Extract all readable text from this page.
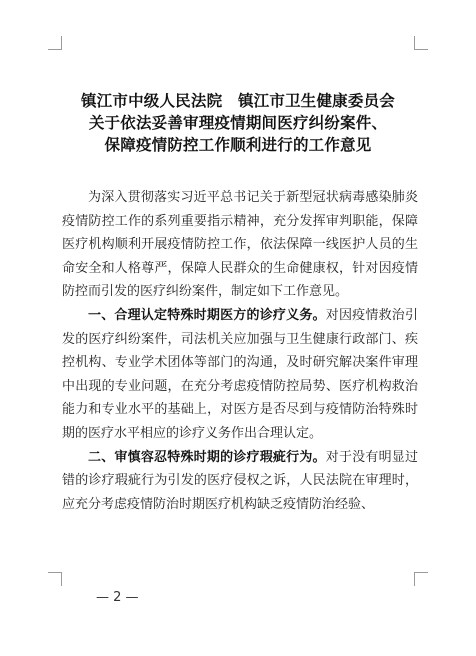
镇江市中级人民法院　镇江市卫生健康委员会

关于依法妥善审理疫情期间医疗纠纷案件、

保障疫情防控工作顺利进行的工作意见

为深入贯彻落实习近平总书记关于新型冠状病毒感染肺炎疫情防控工作的系列重要指示精神，充分发挥审判职能，保障医疗机构顺利开展疫情防控工作，依法保障一线医护人员的生命安全和人格尊严，保障人民群众的生命健康权，针对因疫情防控而引发的医疗纠纷案件，制定如下工作意见。

一、合理认定特殊时期医方的诊疗义务。对因疫情救治引发的医疗纠纷案件，司法机关应加强与卫生健康行政部门、疾控机构、专业学术团体等部门的沟通，及时研究解决案件审理中出现的专业问题，在充分考虑疫情防控局势、医疗机构救治能力和专业水平的基础上，对医方是否尽到与疫情防治特殊时期的医疗水平相应的诊疗义务作出合理认定。

二、审慎容忍特殊时期的诊疗瑕疵行为。对于没有明显过错的诊疗瑕疵行为引发的医疗侵权之诉，人民法院在审理时，应充分考虑疫情防治时期医疗机构缺乏疫情防治经验、

— 2 —
